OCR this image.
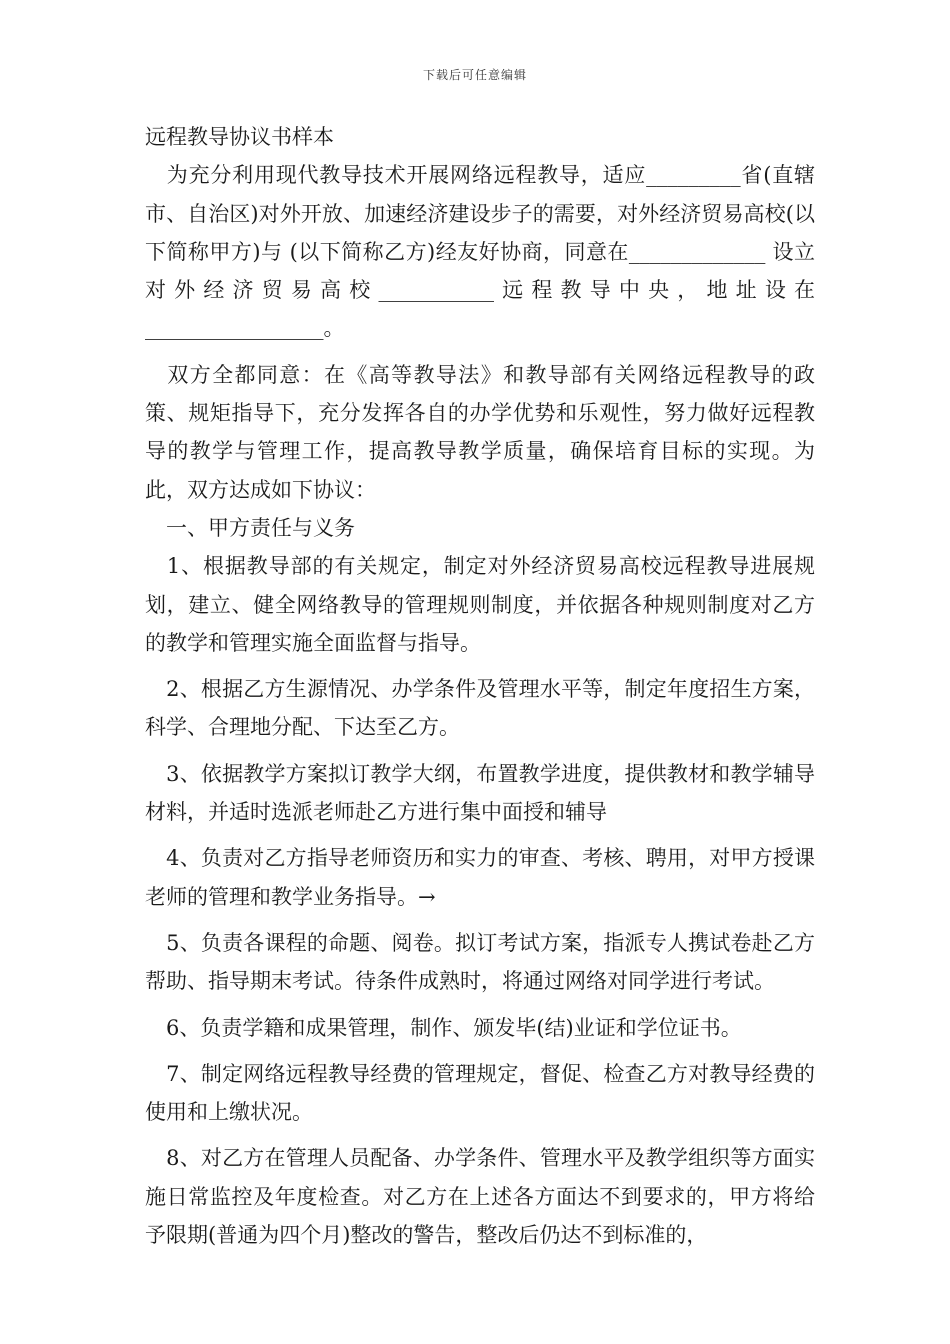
下载后可任意编辑

远程教导协议书样本

　为充分利用现代教导技术开展网络远程教导，适应_________省(直辖市、自治区)对外开放、加速经济建设步子的需要，对外经济贸易高校(以下简称甲方)与 (以下简称乙方)经友好协商，同意在_____________ 设立对外经济贸易高校___________远程教导中央，地址设在_________________。

　双方全都同意：在《高等教导法》和教导部有关网络远程教导的政策、规矩指导下，充分发挥各自的办学优势和乐观性，努力做好远程教导的教学与管理工作，提高教导教学质量，确保培育目标的实现。为此，双方达成如下协议：

　一、甲方责任与义务

　1、根据教导部的有关规定，制定对外经济贸易高校远程教导进展规划，建立、健全网络教导的管理规则制度，并依据各种规则制度对乙方的教学和管理实施全面监督与指导。

　2、根据乙方生源情况、办学条件及管理水平等，制定年度招生方案，科学、合理地分配、下达至乙方。

　3、依据教学方案拟订教学大纲，布置教学进度，提供教材和教学辅导材料，并适时选派老师赴乙方进行集中面授和辅导

　4、负责对乙方指导老师资历和实力的审查、考核、聘用，对甲方授课老师的管理和教学业务指导。→

　5、负责各课程的命题、阅卷。拟订考试方案，指派专人携试卷赴乙方帮助、指导期末考试。待条件成熟时，将通过网络对同学进行考试。

　6、负责学籍和成果管理，制作、颁发毕(结)业证和学位证书。

　7、制定网络远程教导经费的管理规定，督促、检查乙方对教导经费的使用和上缴状况。

　8、对乙方在管理人员配备、办学条件、管理水平及教学组织等方面实施日常监控及年度检查。对乙方在上述各方面达不到要求的，甲方将给予限期(普通为四个月)整改的警告，整改后仍达不到标准的，
